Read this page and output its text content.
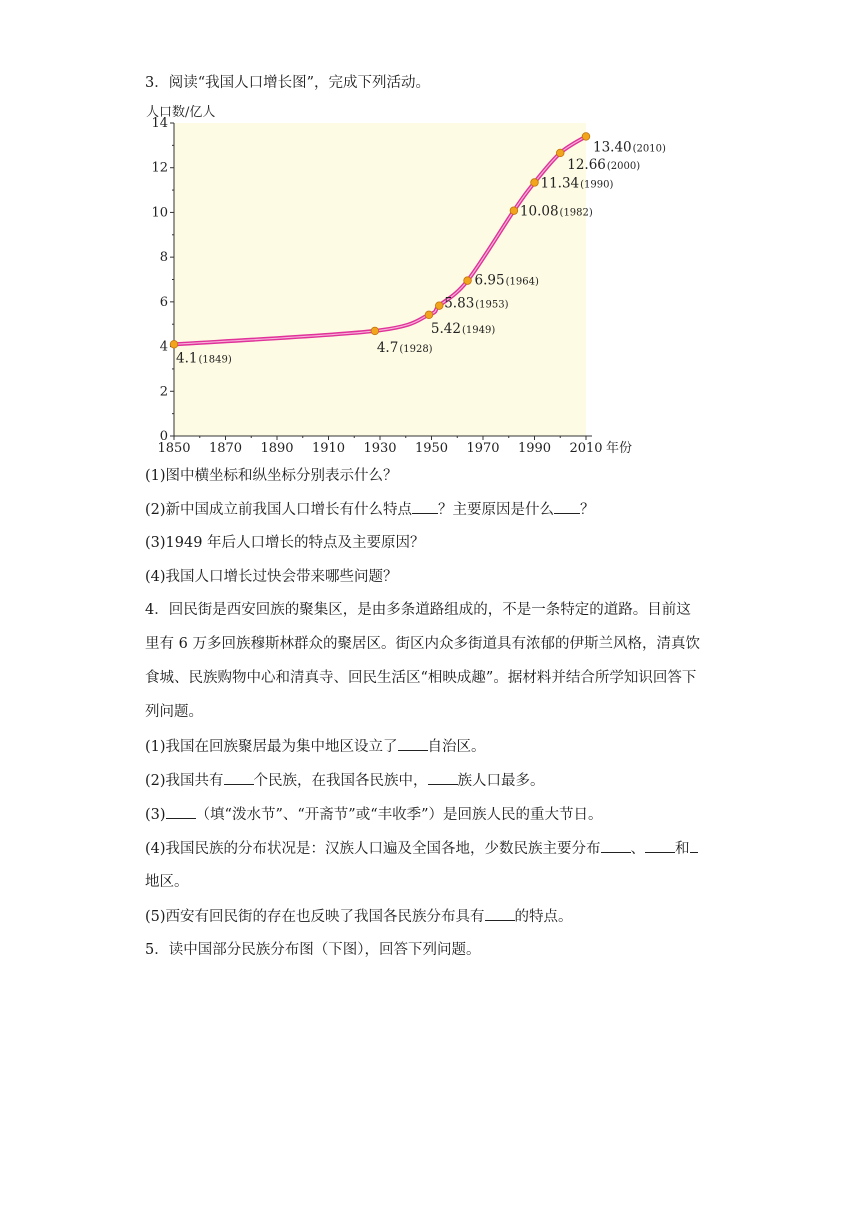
3．阅读“我国人口增长图”，完成下列活动。
0
2
4
6
8
10
12
14
1850 1870 1890 1910 1930 1950 1970 1990 2010
人口数/亿人
年份
4.1 (1849)
4.7 (1928)
5.42 (1949)
5.83 (1953)
6.95 (1964)
10.08 (1982)
11.34 (1990)
12.66 (2000)
13.40 (2010)
(1)图中横坐标和纵坐标分别表示什么？
(2)新中国成立前我国人口增长有什么特点 ？主要原因是什么 ？
(3)1949 年后人口增长的特点及主要原因？
(4)我国人口增长过快会带来哪些问题？
4．回民街是西安回族的聚集区，是由多条道路组成的，不是一条特定的道路。目前这
里有 6 万多回族穆斯林群众的聚居区。街区内众多街道具有浓郁的伊斯兰风格，清真饮
食城、民族购物中心和清真寺、回民生活区“相映成趣”。据材料并结合所学知识回答下
列问题。
(1)我国在回族聚居最为集中地区设立了 自治区。
(2)我国共有 个民族，在我国各民族中， 族人口最多。
(3) （填“泼水节”、“开斋节”或“丰收季”）是回族人民的重大节日。
(4)我国民族的分布状况是：汉族人口遍及全国各地，少数民族主要分布 、 和
地区。
(5)西安有回民街的存在也反映了我国各民族分布具有 的特点。
5．读中国部分民族分布图（下图），回答下列问题。
